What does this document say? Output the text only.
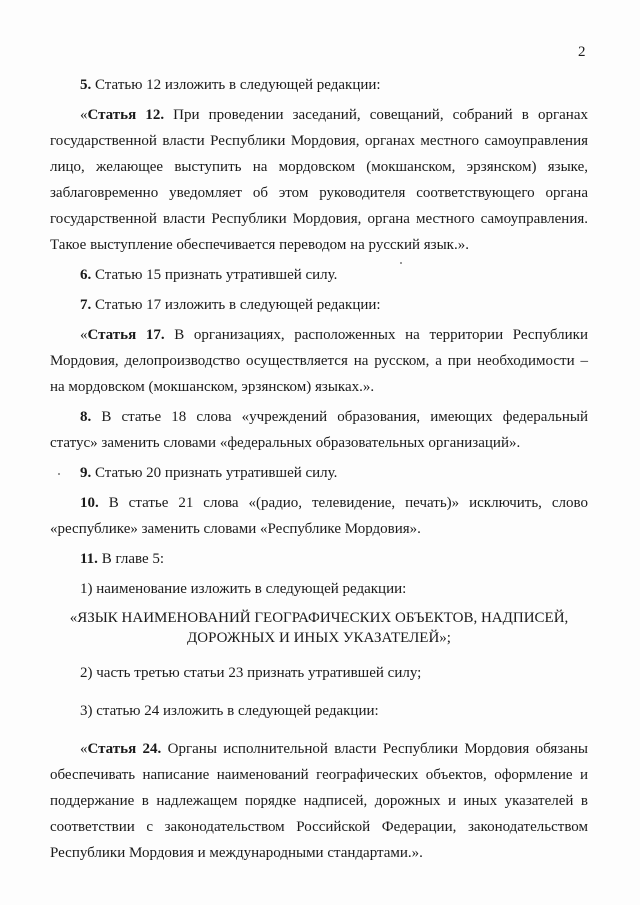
2

5. Статью 12 изложить в следующей редакции:

«Статья 12. При проведении заседаний, совещаний, собраний в органах государственной власти Республики Мордовия, органах местного самоуправления лицо, желающее выступить на мордовском (мокшанском, эрзянском) языке, заблаговременно уведомляет об этом руководителя соответствующего органа государственной власти Республики Мордовия, органа местного самоуправления. Такое выступление обеспечивается переводом на русский язык.».

6. Статью 15 признать утратившей силу.

7. Статью 17 изложить в следующей редакции:

«Статья 17. В организациях, расположенных на территории Республики Мордовия, делопроизводство осуществляется на русском, а при необходимости – на мордовском (мокшанском, эрзянском) языках.».

8. В статье 18 слова «учреждений образования, имеющих федеральный статус» заменить словами «федеральных образовательных организаций».

9. Статью 20 признать утратившей силу.

10. В статье 21 слова «(радио, телевидение, печать)» исключить, слово «республике» заменить словами «Республике Мордовия».

11. В главе 5:

1) наименование изложить в следующей редакции:

«ЯЗЫК НАИМЕНОВАНИЙ ГЕОГРАФИЧЕСКИХ ОБЪЕКТОВ, НАДПИСЕЙ,

ДОРОЖНЫХ И ИНЫХ УКАЗАТЕЛЕЙ»;

2) часть третью статьи 23 признать утратившей силу;

3) статью 24 изложить в следующей редакции:

«Статья 24. Органы исполнительной власти Республики Мордовия обязаны обеспечивать написание наименований географических объектов, оформление и поддержание в надлежащем порядке надписей, дорожных и иных указателей в соответствии с законодательством Российской Федерации, законодательством Республики Мордовия и международными стандартами.».
